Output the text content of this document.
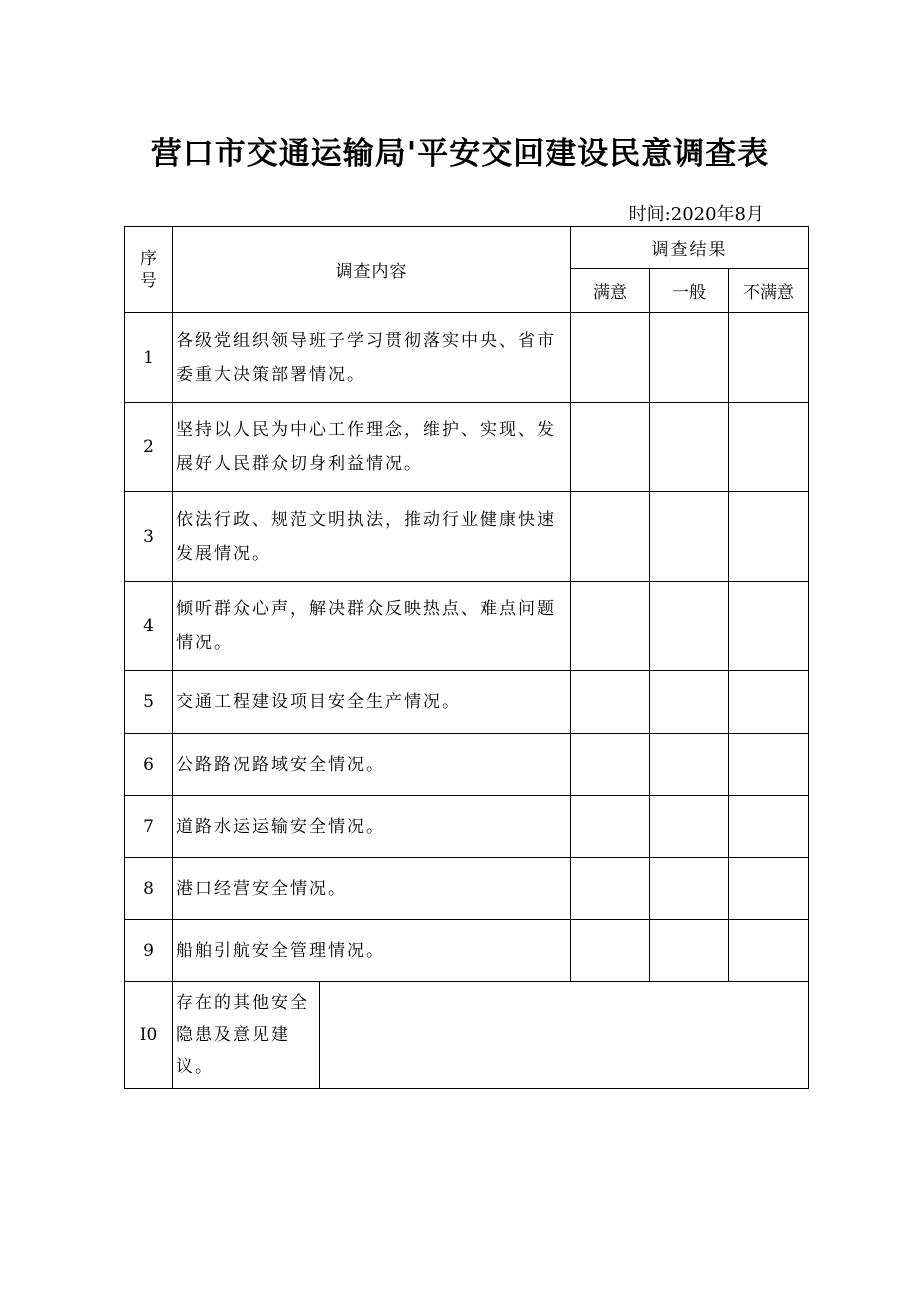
营口市交通运输局'平安交回建设民意调查表
时间:2020年8月
序号	调查内容		调查结果		
			满意	一般	不满意
1	各级党组织领导班子学习贯彻落实中央、省市委重大决策部署情况。				
2	坚持以人民为中心工作理念，维护、实现、发展好人民群众切身利益情况。				
3	依法行政、规范文明执法，推动行业健康快速发展情况。				
4	倾听群众心声，解决群众反映热点、难点问题情况。				
5	交通工程建设项目安全生产情况。				
6	公路路况路域安全情况。				
7	道路水运运输安全情况。				
8	港口经营安全情况。				
9	船舶引航安全管理情况。				
I0	存在的其他安全隐患及意见建议。				
